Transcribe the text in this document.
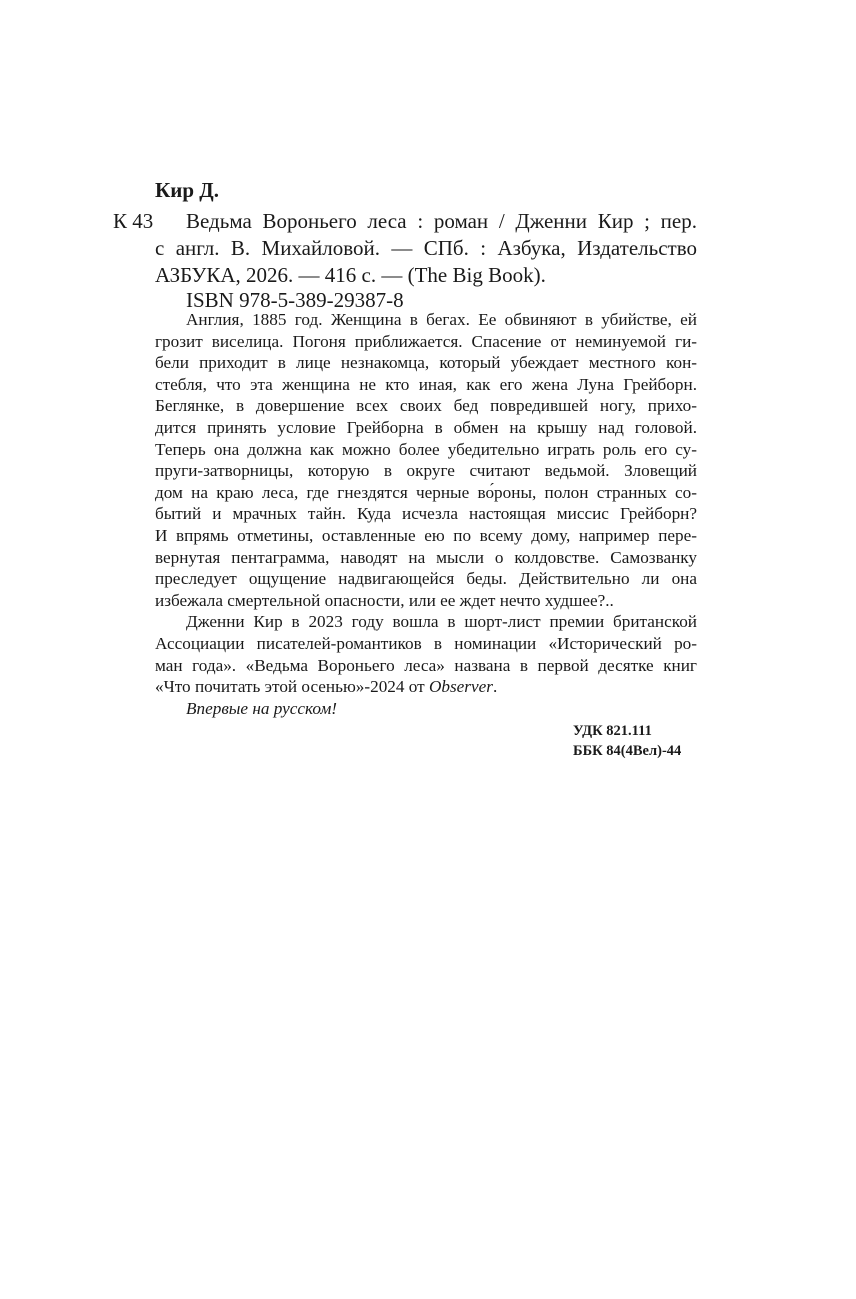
Кир Д.

К 43	Ведьма Вороньего леса : роман / Дженни Кир ; пер.
с англ. В. Михайловой. — СПб. : Азбука, Издательство
АЗБУКА, 2026. — 416 с. — (The Big Book).

ISBN 978-5-389-29387-8

Англия, 1885 год. Женщина в бегах. Ее обвиняют в убийстве, ей
грозит виселица. Погоня приближается. Спасение от неминуемой ги-
бели приходит в лице незнакомца, который убеждает местного кон-
стебля, что эта женщина не кто иная, как его жена Луна Грейборн.
Беглянке, в довершение всех своих бед повредившей ногу, прихо-
дится принять условие Грейборна в обмен на крышу над головой.
Теперь она должна как можно более убедительно играть роль его су-
пруги-затворницы, которую в округе считают ведьмой. Зловещий
дом на краю леса, где гнездятся черные во́роны, полон странных со-
бытий и мрачных тайн. Куда исчезла настоящая миссис Грейборн?
И впрямь отметины, оставленные ею по всему дому, например пере-
вернутая пентаграмма, наводят на мысли о колдовстве. Самозванку
преследует ощущение надвигающейся беды. Действительно ли она
избежала смертельной опасности, или ее ждет нечто худшее?..
Дженни Кир в 2023 году вошла в шорт-лист премии британской
Ассоциации писателей-романтиков в номинации «Исторический ро-
ман года». «Ведьма Вороньего леса» названа в первой десятке книг
«Что почитать этой осенью»-2024 от Observer.
Впервые на русском!
УДК 821.111
ББК 84(4Вел)-44
